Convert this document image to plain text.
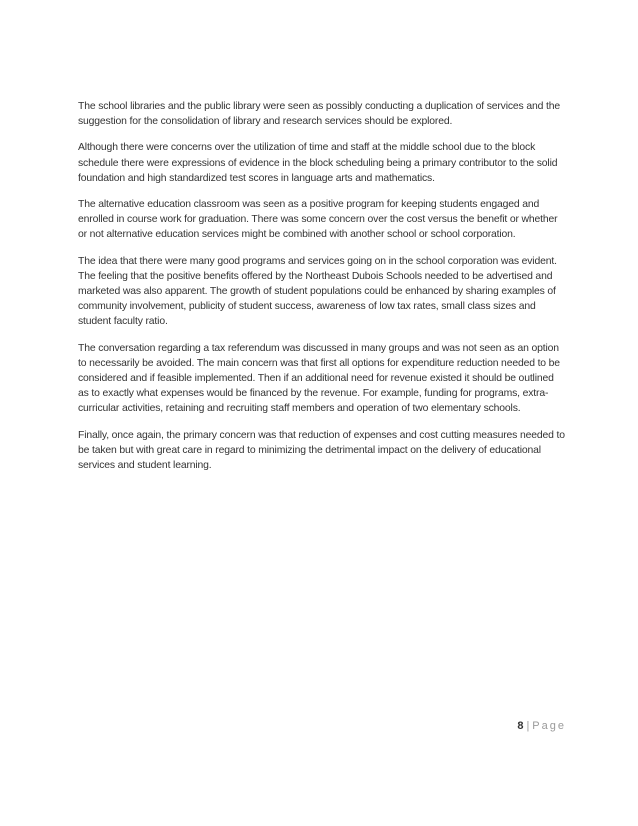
The school libraries and the public library were seen as possibly conducting a duplication of services and the suggestion for the consolidation of library and research services should be explored.

Although there were concerns over the utilization of time and staff at the middle school due to the block schedule there were expressions of evidence in the block scheduling being a primary contributor to the solid foundation and high standardized test scores in language arts and mathematics.

The alternative education classroom was seen as a positive program for keeping students engaged and enrolled in course work for graduation. There was some concern over the cost versus the benefit or whether or not alternative education services might be combined with another school or school corporation.

The idea that there were many good programs and services going on in the school corporation was evident. The feeling that the positive benefits offered by the Northeast Dubois Schools needed to be advertised and marketed was also apparent. The growth of student populations could be enhanced by sharing examples of community involvement, publicity of student success, awareness of low tax rates, small class sizes and student faculty ratio.

The conversation regarding a tax referendum was discussed in many groups and was not seen as an option to necessarily be avoided. The main concern was that first all options for expenditure reduction needed to be considered and if feasible implemented. Then if an additional need for revenue existed it should be outlined as to exactly what expenses would be financed by the revenue. For example, funding for programs, extra-curricular activities, retaining and recruiting staff members and operation of two elementary schools.

Finally, once again, the primary concern was that reduction of expenses and cost cutting measures needed to be taken but with great care in regard to minimizing the detrimental impact on the delivery of educational services and student learning.

8 | Page
